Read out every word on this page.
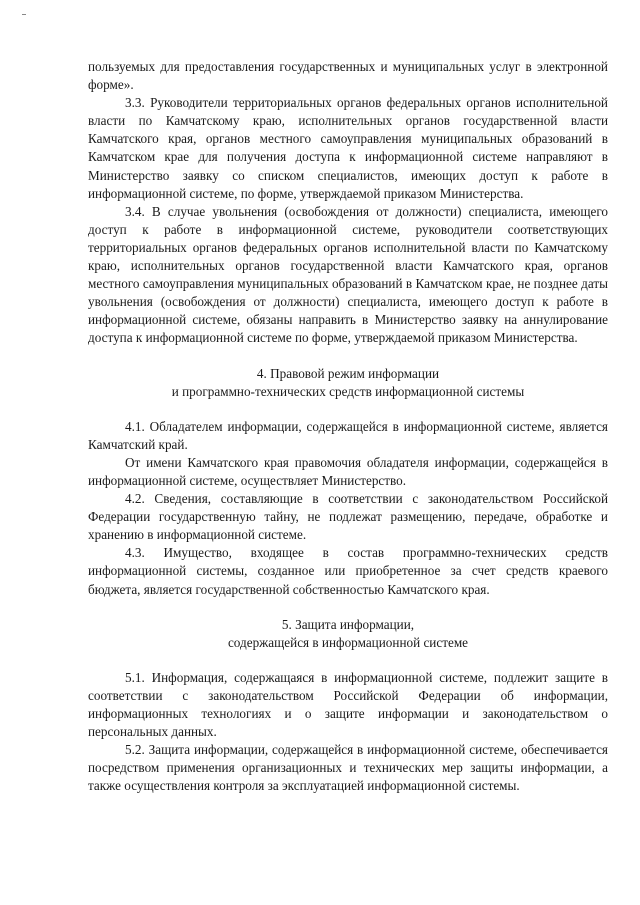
пользуемых для предоставления государственных и муниципальных услуг в электронной форме».

3.3. Руководители территориальных органов федеральных органов исполнительной власти по Камчатскому краю, исполнительных органов государственной власти Камчатского края, органов местного самоуправления муниципальных образований в Камчатском крае для получения доступа к информационной системе направляют в Министерство заявку со списком специалистов, имеющих доступ к работе в информационной системе, по форме, утверждаемой приказом Министерства.

3.4. В случае увольнения (освобождения от должности) специалиста, имеющего доступ к работе в информационной системе, руководители соответствующих территориальных органов федеральных органов исполнительной власти по Камчатскому краю, исполнительных органов государственной власти Камчатского края, органов местного самоуправления муниципальных образований в Камчатском крае, не позднее даты увольнения (освобождения от должности) специалиста, имеющего доступ к работе в информационной системе, обязаны направить в Министерство заявку на аннулирование доступа к информационной системе по форме, утверждаемой приказом Министерства.

4. Правовой режим информации
и программно-технических средств информационной системы

4.1. Обладателем информации, содержащейся в информационной системе, является Камчатский край.

От имени Камчатского края правомочия обладателя информации, содержащейся в информационной системе, осуществляет Министерство.

4.2. Сведения, составляющие в соответствии с законодательством Российской Федерации государственную тайну, не подлежат размещению, передаче, обработке и хранению в информационной системе.

4.3. Имущество, входящее в состав программно-технических средств информационной системы, созданное или приобретенное за счет средств краевого бюджета, является государственной собственностью Камчатского края.

5. Защита информации,
содержащейся в информационной системе

5.1. Информация, содержащаяся в информационной системе, подлежит защите в соответствии с законодательством Российской Федерации об информации, информационных технологиях и о защите информации и законодательством о персональных данных.

5.2. Защита информации, содержащейся в информационной системе, обеспечивается посредством применения организационных и технических мер защиты информации, а также осуществления контроля за эксплуатацией информационной системы.
